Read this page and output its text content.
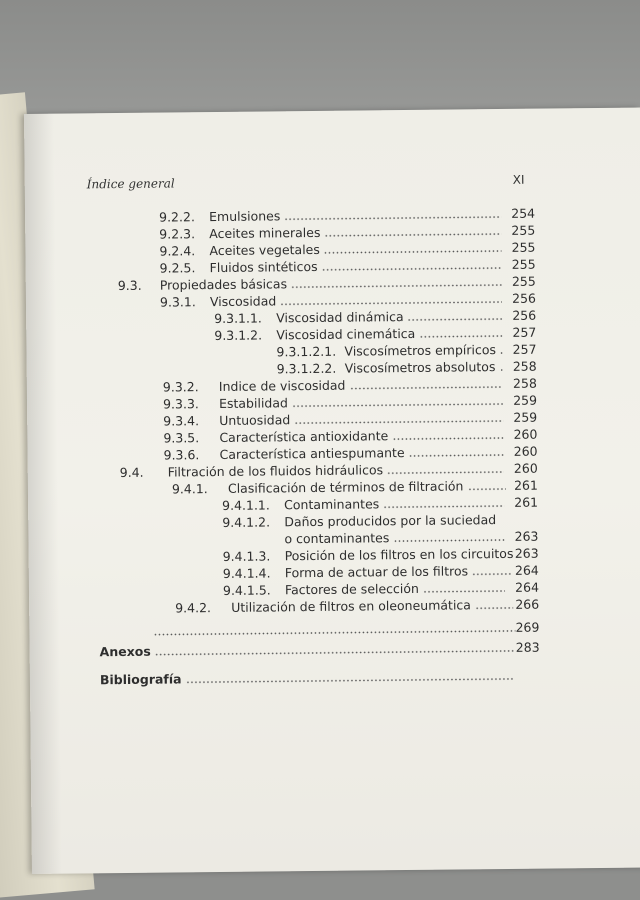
Índice general	XI
9.2.2. Emulsiones	254
9.2.3. Aceites minerales	255
9.2.4. Aceites vegetales	255
9.2.5. Fluidos sintéticos	255
9.3. Propiedades básicas	255
9.3.1. Viscosidad	256
9.3.1.1. Viscosidad dinámica	256
9.3.1.2. Viscosidad cinemática	257
9.3.1.2.1. Viscosímetros empíricos 257
9.3.1.2.2. Viscosímetros absolutos 258
9.3.2. Indice de viscosidad	258
9.3.3. Estabilidad	259
9.3.4. Untuosidad	259
9.3.5. Característica antioxidante	260
9.3.6. Característica antiespumante	260
9.4. Filtración de los fluidos hidráulicos	260
9.4.1. Clasificación de términos de filtración	261
9.4.1.1. Contaminantes	261
9.4.1.2. Daños producidos por la suciedad
o contaminantes	263
9.4.1.3. Posición de los filtros en los circuitos 263
9.4.1.4. Forma de actuar de los filtros	264
9.4.1.5. Factores de selección	264
9.4.2. Utilización de filtros en oleoneumática	266
269
Anexos	283
Bibliografía
